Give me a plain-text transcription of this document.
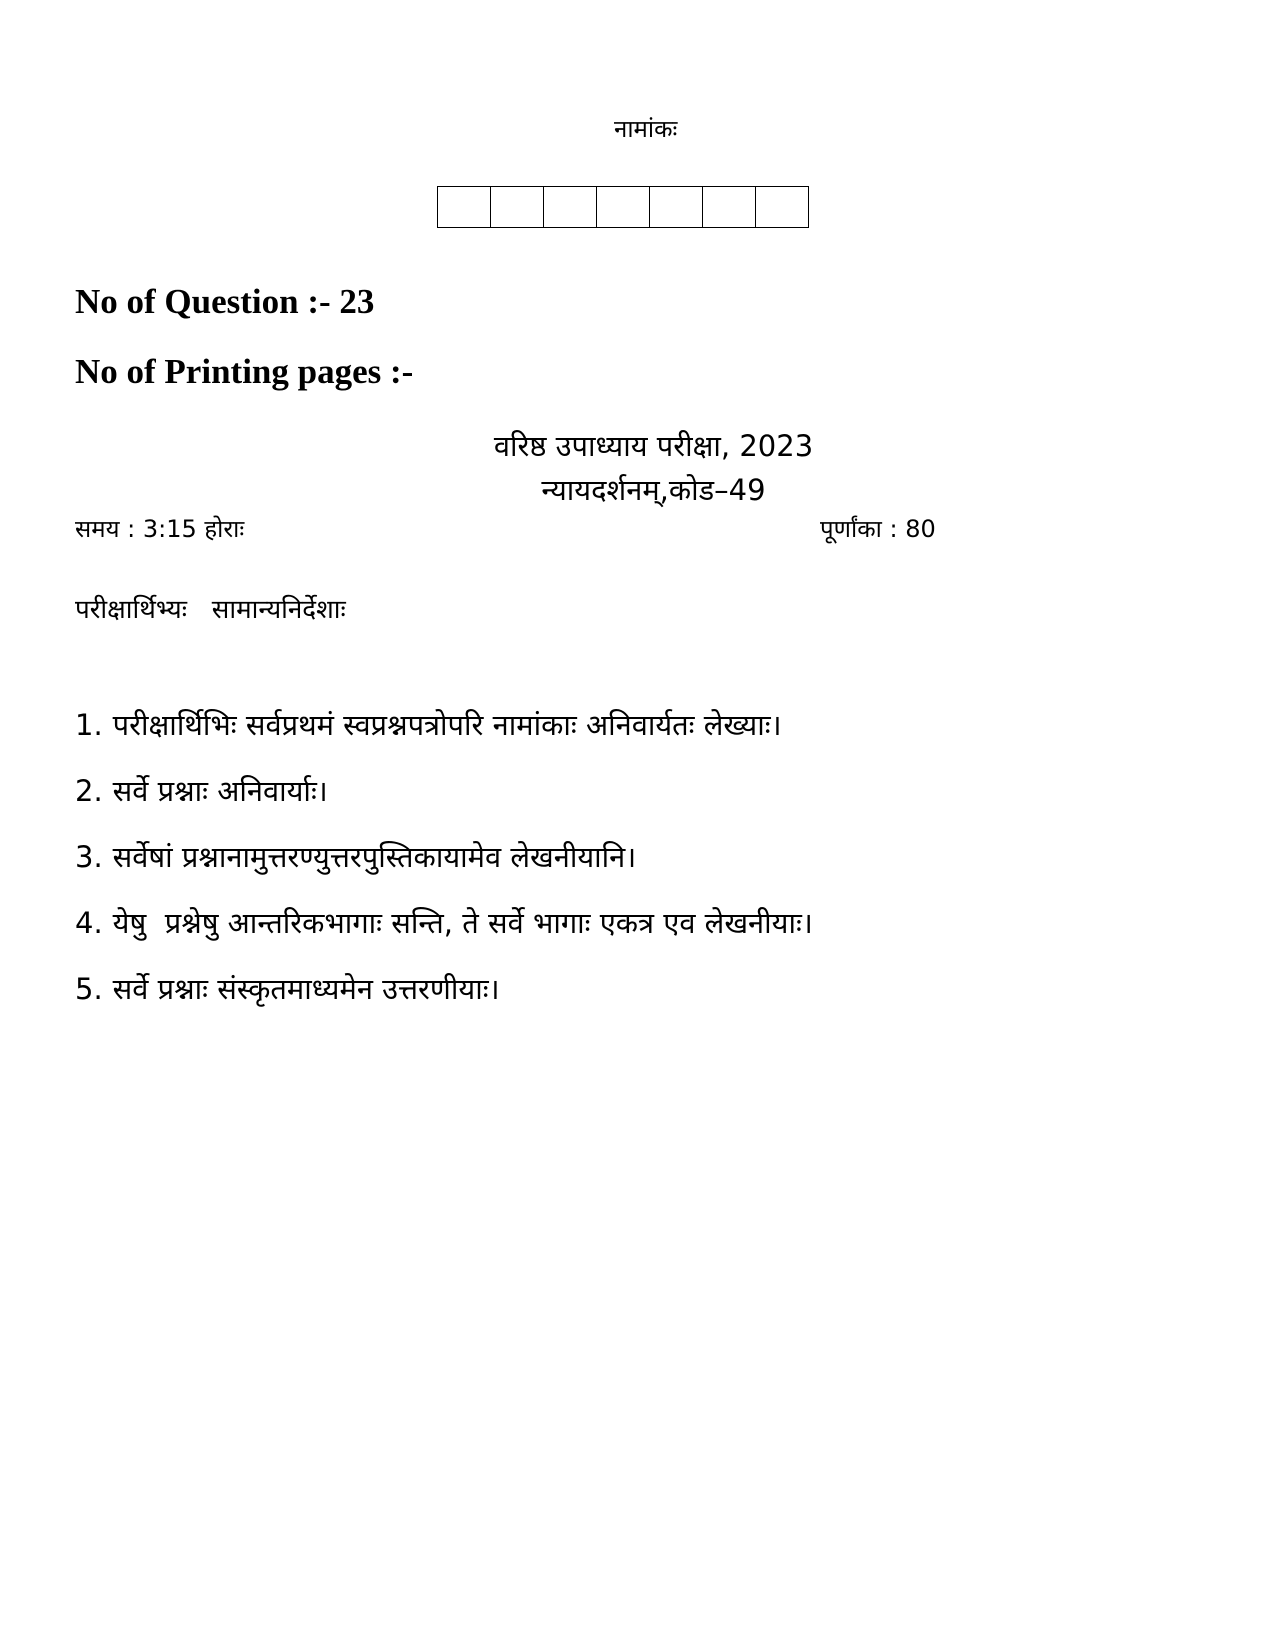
नामांकः
No of Question :- 23
No of Printing pages :-
वरिष्ठ उपाध्याय परीक्षा, 2023
न्यायदर्शनम्,कोड–49
समय : 3:15 होराः	पूर्णांका : 80
परीक्षार्थिभ्यः   सामान्यनिर्देशाः
1. परीक्षार्थिभिः सर्वप्रथमं स्वप्रश्नपत्रोपरि नामांकाः अनिवार्यतः लेख्याः।
2. सर्वे प्रश्नाः अनिवार्याः।
3. सर्वेषां प्रश्नानामुत्तरण्युत्तरपुस्तिकायामेव लेखनीयानि।
4. येषु  प्रश्नेषु आन्तरिकभागाः सन्ति, ते सर्वे भागाः एकत्र एव लेखनीयाः।
5. सर्वे प्रश्नाः संस्कृतमाध्यमेन उत्तरणीयाः।
